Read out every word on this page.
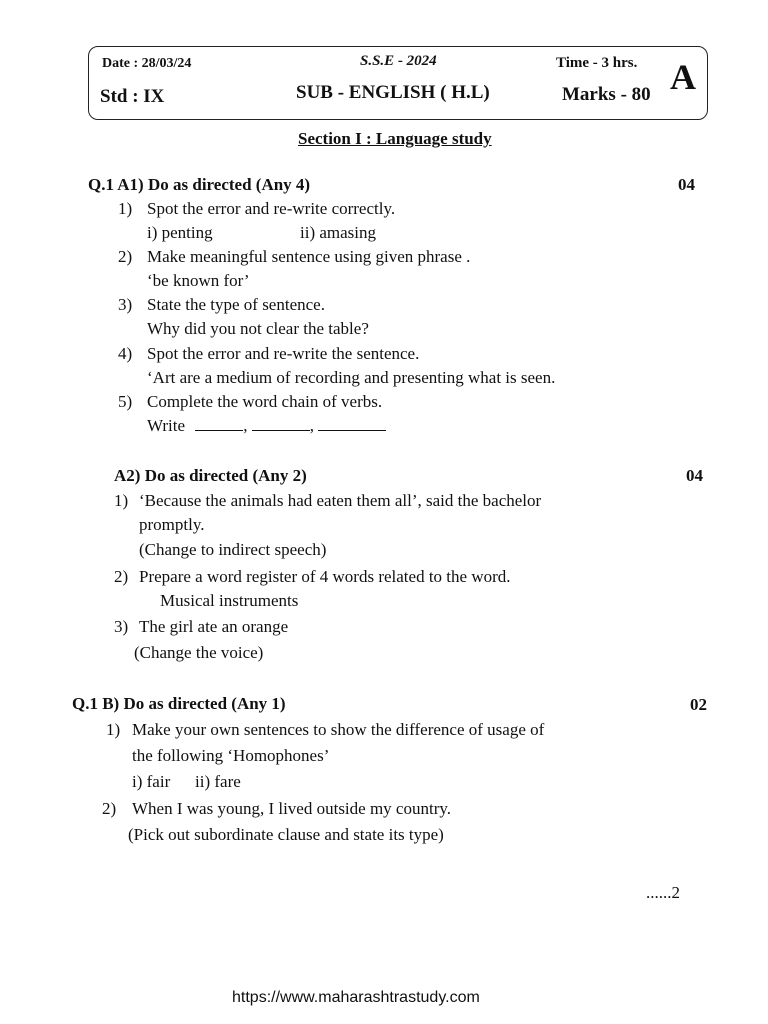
Date : 28/03/24	S.S.E - 2024	Time - 3 hrs. A
Std : IX	SUB - ENGLISH ( H.L)	Marks - 80
Section I : Language study
Q.1 A1) Do as directed (Any 4)	04
1) Spot the error and re-write correctly.
i) penting	ii) amasing
2) Make meaningful sentence using given phrase .
‘be known for’
3) State the type of sentence.
Why did you not clear the table?
4) Spot the error and re-write the sentence.
‘Art are a medium of recording and presenting what is seen.
5) Complete the word chain of verbs.
Write	,	,
A2) Do as directed (Any 2)	04
1) ‘Because the animals had eaten them all’, said the bachelor
promptly.
(Change to indirect speech)
2) Prepare a word register of 4 words related to the word.
Musical instruments
3) The girl ate an orange
(Change the voice)
Q.1 B) Do as directed (Any 1)	02
1) Make your own sentences to show the difference of usage of
the following ‘Homophones’
i) fair ii) fare
2) When I was young, I lived outside my country.
(Pick out subordinate clause and state its type)
......2
https://www.maharashtrastudy.com
